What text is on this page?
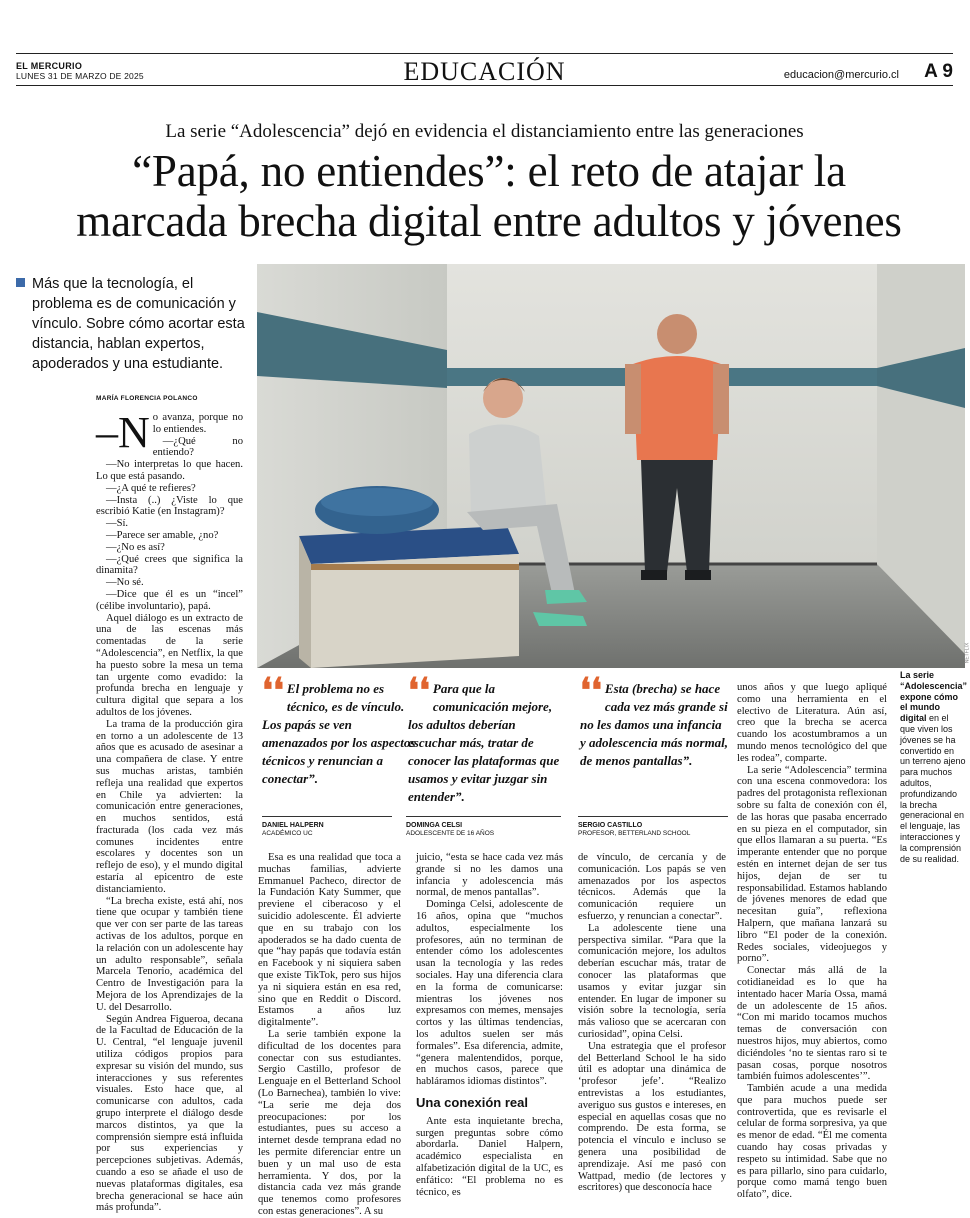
EL MERCURIO
LUNES 31 DE MARZO DE 2025	EDUCACIÓN	educacion@mercurio.cl A 9
La serie “Adolescencia” dejó en evidencia el distanciamiento entre las generaciones
“Papá, no entiendes”: el reto de atajar la
marcada brecha digital entre adultos y jóvenes
Más que la tecnología, el problema es de comunicación y vínculo. Sobre cómo acortar esta distancia, hablan expertos, apoderados y una estudiante.
MARÍA FLORENCIA POLANCO

–N o avanza, porque no lo entiendes.

—¿Qué no entiendo?

—No interpretas lo que hacen. Lo que está pasando.

—¿A qué te refieres?

—Insta (..) ¿Viste lo que escribió Katie (en Instagram)?

—Sí.

—Parece ser amable, ¿no?

—¿No es así?

—¿Qué crees que significa la dinamita?

—No sé.

—Dice que él es un “incel” (célibe involuntario), papá.

Aquel diálogo es un extracto de una de las escenas más comentadas de la serie “Adolescencia”, en Netflix, la que ha puesto sobre la mesa un tema tan urgente como evadido: la profunda brecha en lenguaje y cultura digital que separa a los adultos de los jóvenes.

La trama de la producción gira en torno a un adolescente de 13 años que es acusado de asesinar a una compañera de clase. Y entre sus muchas aristas, también refleja una realidad que expertos en Chile ya advierten: la comunicación entre generaciones, en muchos sentidos, está fracturada (los cada vez más comunes incidentes entre escolares y docentes son un reflejo de eso), y el mundo digital estaría al epicentro de este distanciamiento.

“La brecha existe, está ahí, nos tiene que ocupar y también tiene que ver con ser parte de las tareas activas de los adultos, porque en la relación con un adolescente hay un adulto responsable”, señala Marcela Tenorio, académica del Centro de Investigación para la Mejora de los Aprendizajes de la U. del Desarrollo.

Según Andrea Figueroa, decana de la Facultad de Educación de la U. Central, “el lenguaje juvenil utiliza códigos propios para expresar su visión del mundo, sus interacciones y sus referentes visuales. Esto hace que, al comunicarse con adultos, cada grupo interprete el diálogo desde marcos distintos, ya que la comprensión siempre está influida por sus experiencias y percepciones subjetivas. Además, cuando a eso se añade el uso de nuevas plataformas digitales, esa brecha generacional se hace aún más profunda”.

NETFLIX
La serie “Adolescencia” expone cómo el mundo digital en el que viven los jóvenes se ha convertido en un terreno ajeno para muchos adultos, profundizando la brecha generacional en el lenguaje, las interacciones y la comprensión de su realidad.
❛❛ El problema no es técnico, es de vínculo. Los papás se ven amenazados por los aspectos técnicos y renuncian a conectar”.
DANIEL HALPERN
ACADÉMICO UC
❛❛ Para que la comunicación mejore, los adultos deberían escuchar más, tratar de conocer las plataformas que usamos y evitar juzgar sin entender”.
DOMINGA CELSI
ADOLESCENTE DE 16 AÑOS
❛❛ Esta (brecha) se hace cada vez más grande si no les damos una infancia y adolescencia más normal, de menos pantallas”.
SERGIO CASTILLO
PROFESOR, BETTERLAND SCHOOL

Esa es una realidad que toca a muchas familias, advierte Emmanuel Pacheco, director de la Fundación Katy Summer, que previene el ciberacoso y el suicidio adolescente. Él advierte que en su trabajo con los apoderados se ha dado cuenta de que “hay papás que todavía están en Facebook y ni siquiera saben que existe TikTok, pero sus hijos ya ni siquiera están en esa red, sino que en Reddit o Discord. Estamos a años luz digitalmente”.

La serie también expone la dificultad de los docentes para conectar con sus estudiantes. Sergio Castillo, profesor de Lenguaje en el Betterland School (Lo Barnechea), también lo vive: “La serie me deja dos preocupaciones: por los estudiantes, pues su acceso a internet desde temprana edad no les permite diferenciar entre un buen y un mal uso de esta herramienta. Y dos, por la distancia cada vez más grande que tenemos como profesores con estas generaciones”. A su

juicio, “esta se hace cada vez más grande si no les damos una infancia y adolescencia más normal, de menos pantallas”.

Dominga Celsi, adolescente de 16 años, opina que “muchos adultos, especialmente los profesores, aún no terminan de entender cómo los adolescentes usan la tecnología y las redes sociales. Hay una diferencia clara en la forma de comunicarse: mientras los jóvenes nos expresamos con memes, mensajes cortos y las últimas tendencias, los adultos suelen ser más formales”. Esa diferencia, admite, “genera malentendidos, porque, en muchos casos, parece que habláramos idiomas distintos”.

Una conexión real

Ante esta inquietante brecha, surgen preguntas sobre cómo abordarla. Daniel Halpern, académico especialista en alfabetización digital de la UC, es enfático: “El problema no es técnico, es

de vínculo, de cercanía y de comunicación. Los papás se ven amenazados por los aspectos técnicos. Además que la comunicación requiere un esfuerzo, y renuncian a conectar”.

La adolescente tiene una perspectiva similar. “Para que la comunicación mejore, los adultos deberían escuchar más, tratar de conocer las plataformas que usamos y evitar juzgar sin entender. En lugar de imponer su visión sobre la tecnología, sería más valioso que se acercaran con curiosidad”, opina Celsi.

Una estrategia que el profesor del Betterland School le ha sido útil es adoptar una dinámica de ‘profesor jefe’. “Realizo entrevistas a los estudiantes, averiguo sus gustos e intereses, en especial en aquellas cosas que no comprendo. De esta forma, se potencia el vínculo e incluso se genera una posibilidad de aprendizaje. Así me pasó con Wattpad, medio (de lectores y escritores) que desconocía hace

unos años y que luego apliqué como una herramienta en el electivo de Literatura. Aún así, creo que la brecha se acerca cuando los acostumbramos a un mundo menos tecnológico del que les rodea”, comparte.

La serie “Adolescencia” termina con una escena conmovedora: los padres del protagonista reflexionan sobre su falta de conexión con él, de las horas que pasaba encerrado en su pieza en el computador, sin que ellos llamaran a su puerta. “Es imperante entender que no porque estén en internet dejan de ser tus hijos, dejan de ser tu responsabilidad. Estamos hablando de jóvenes menores de edad que necesitan guía”, reflexiona Halpern, que mañana lanzará su libro “El poder de la conexión. Redes sociales, videojuegos y porno”.

Conectar más allá de la cotidianeidad es lo que ha intentado hacer María Ossa, mamá de un adolescente de 15 años. “Con mi marido tocamos muchos temas de conversación con nuestros hijos, muy abiertos, como diciéndoles ‘no te sientas raro si te pasan cosas, porque nosotros también fuimos adolescentes’”.

También acude a una medida que para muchos puede ser controvertida, que es revisarle el celular de forma sorpresiva, ya que es menor de edad. “Él me comenta cuando hay cosas privadas y respeto su intimidad. Sabe que no es para pillarlo, sino para cuidarlo, porque como mamá tengo buen olfato”, dice.
